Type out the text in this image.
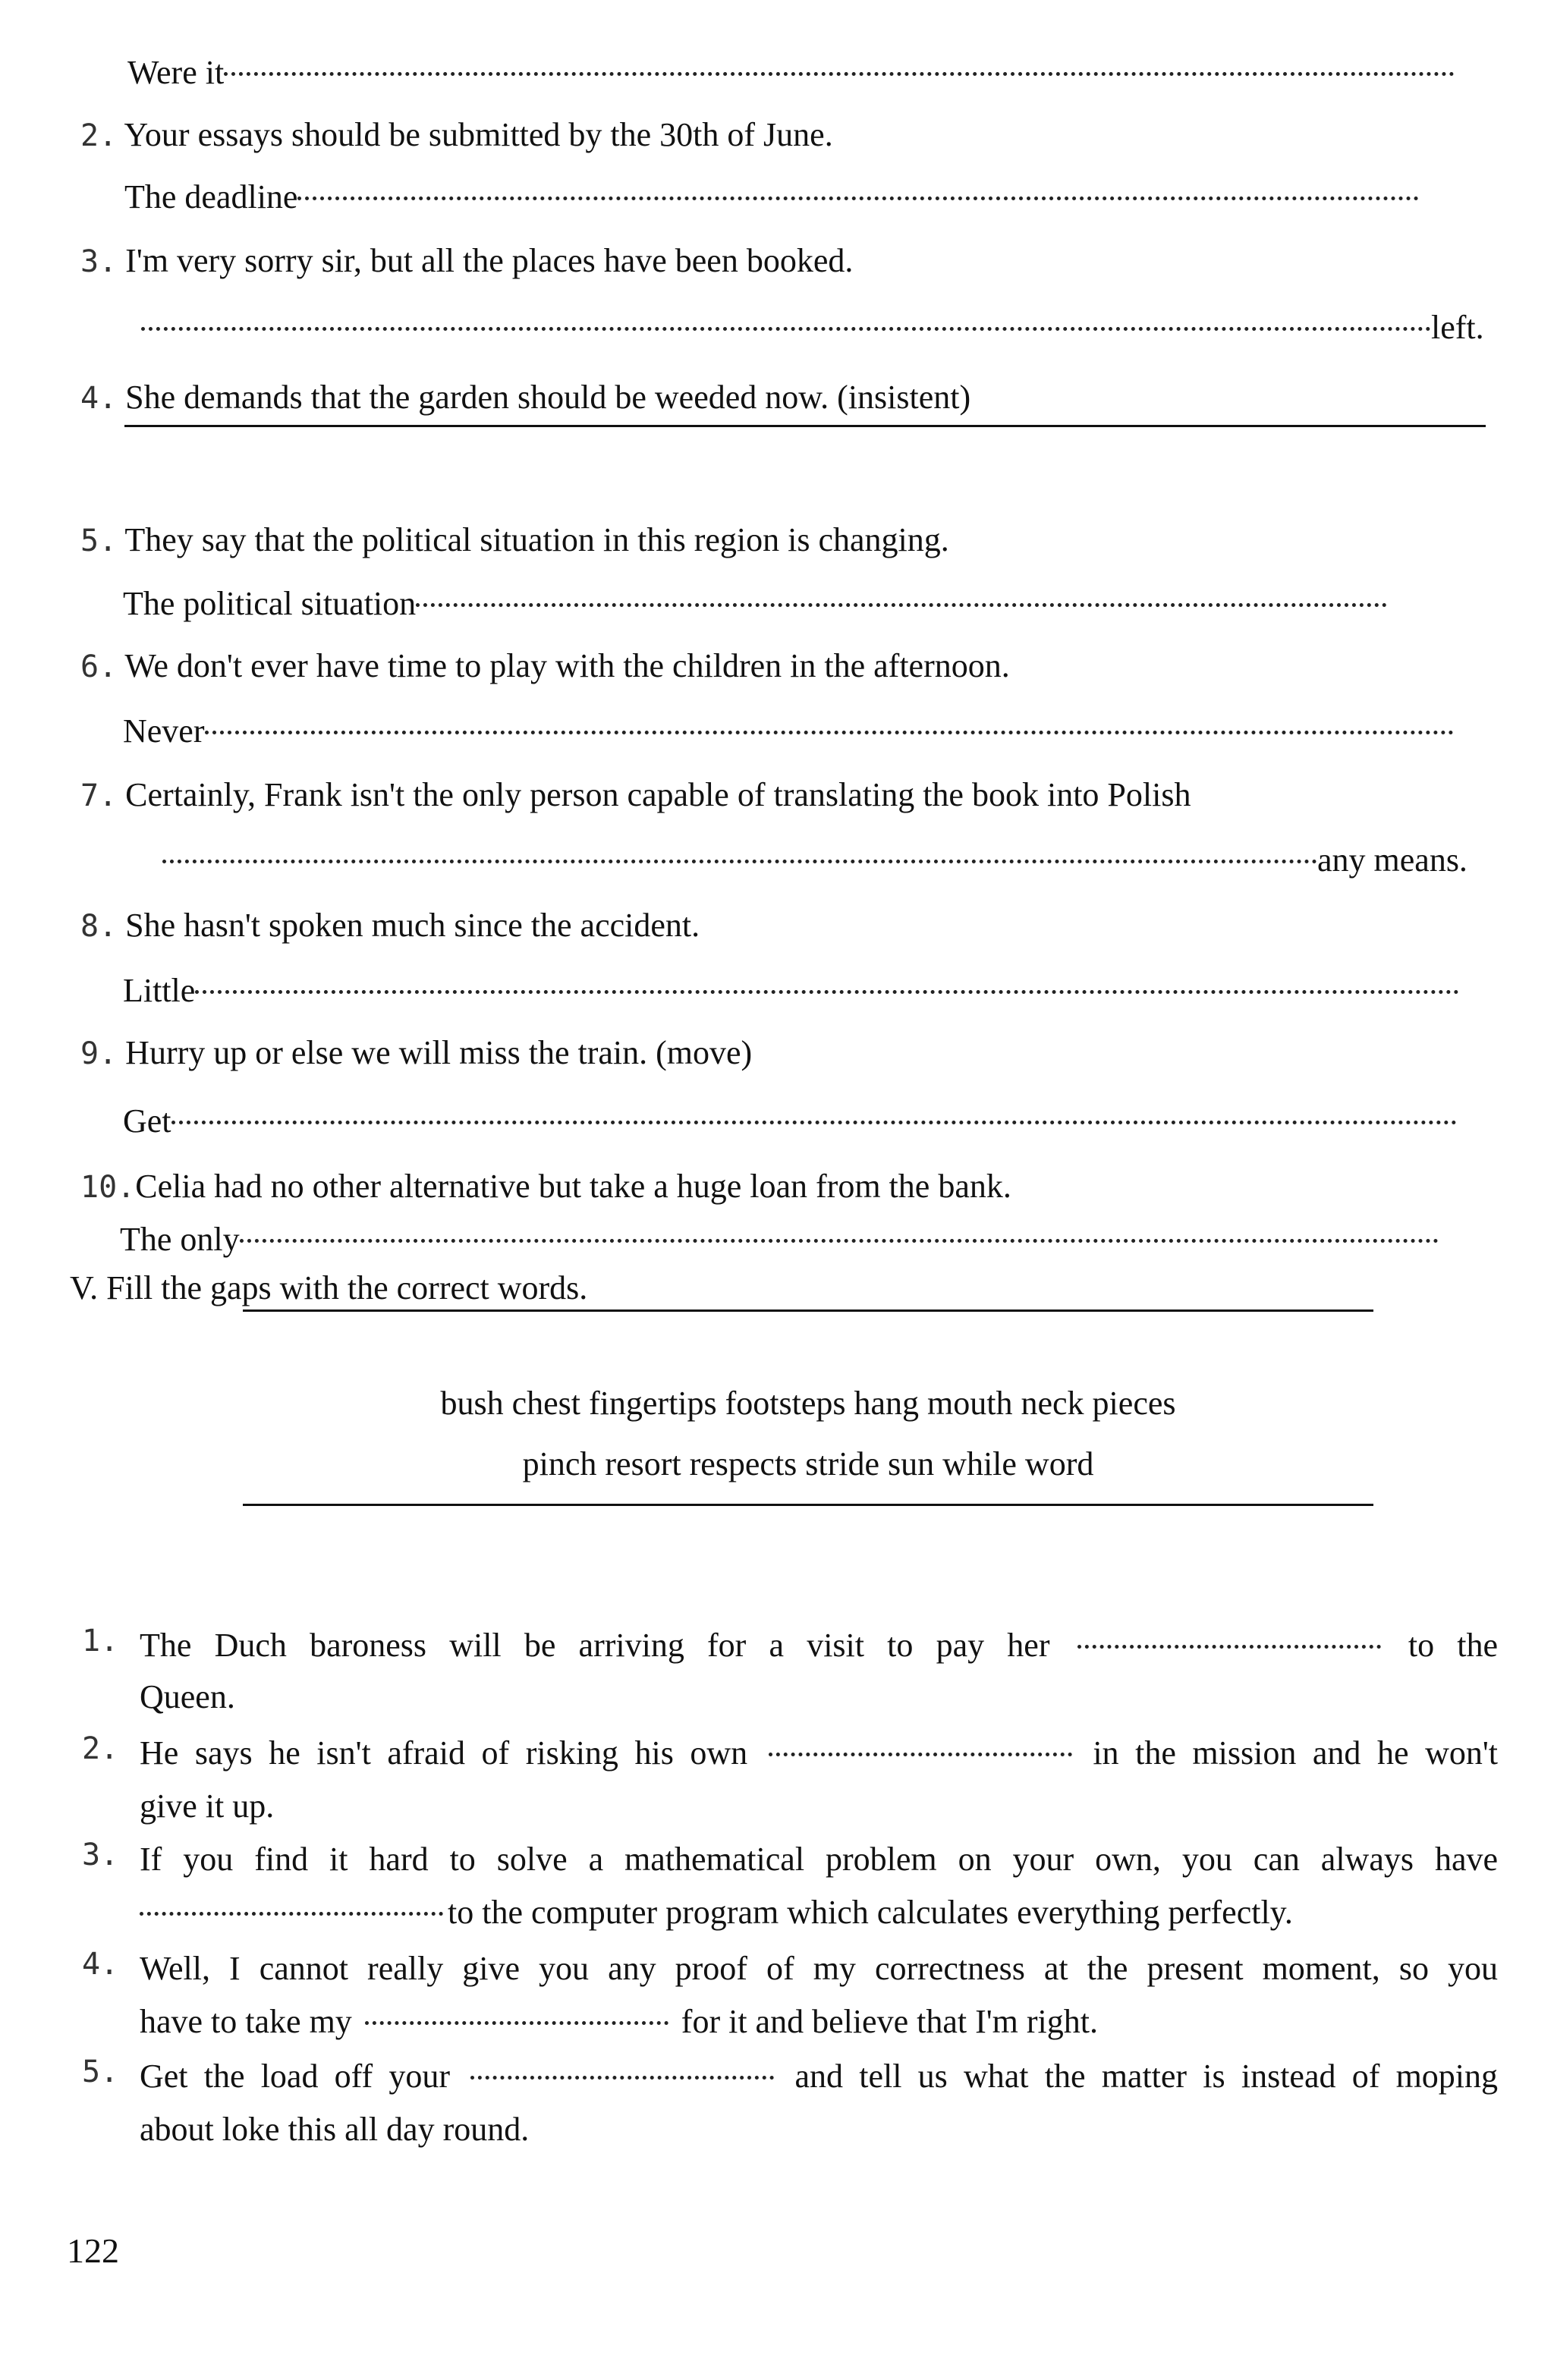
Were it
2. Your essays should be submitted by the 30th of June.
The deadline
3. I'm very sorry sir, but all the places have been booked.
left.
4. She demands that the garden should be weeded now. (insistent)
5. They say that the political situation in this region is changing.
The political situation
6. We don't ever have time to play with the children in the afternoon.
Never
7. Certainly, Frank isn't the only person capable of translating the book into Polish
any means.
8. She hasn't spoken much since the accident.
Little
9. Hurry up or else we will miss the train. (move)
Get
10.Celia had no other alternative but take a huge loan from the bank.
The only
V. Fill the gaps with the correct words.
bush chest fingertips footsteps hang mouth neck pieces
pinch resort respects stride sun while word
1. The Duch baroness will be arriving for a visit to pay her	to the
Queen.
2. He says he isn't afraid of risking his own	in the mission and he won't
give it up.
3. If you find it hard to solve a mathematical problem on your own, you can always have
to the computer program which calculates everything perfectly.
4. Well, I cannot really give you any proof of my correctness at the present moment, so you
have to take my	for it and believe that I'm right.
5. Get the load off your	and tell us what the matter is instead of moping
about loke this all day round.
122
